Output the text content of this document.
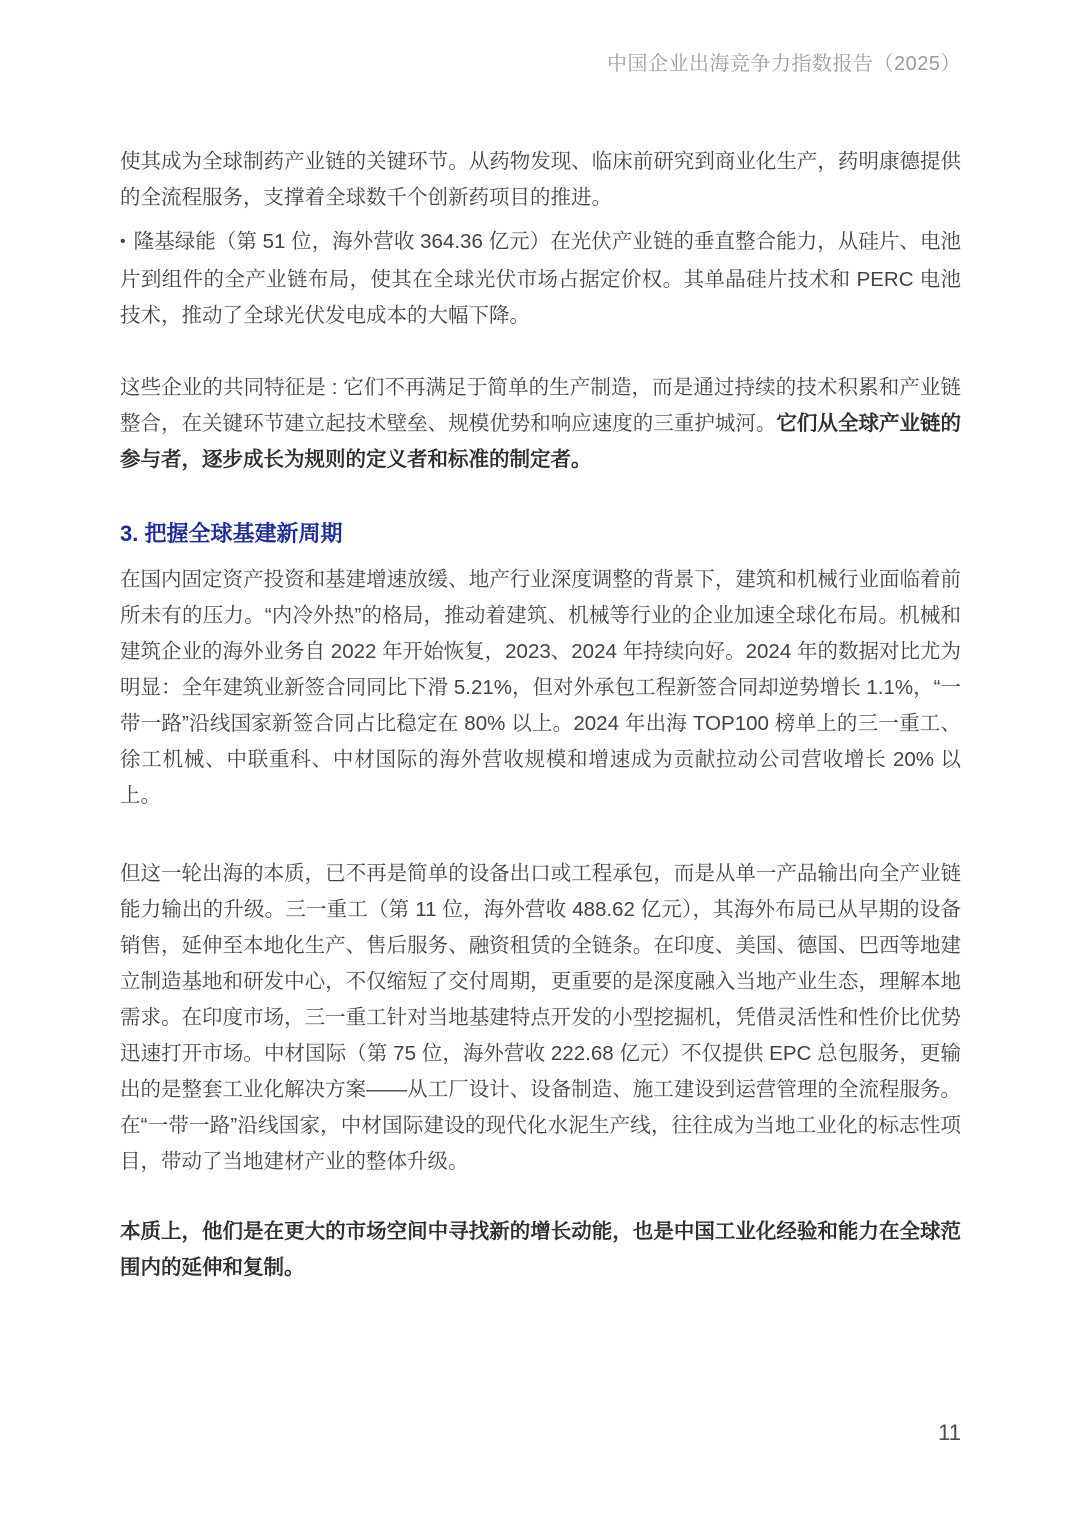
中国企业出海竞争力指数报告（2025）

使其成为全球制药产业链的关键环节。从药物发现、临床前研究到商业化生产，药明康德提供的全流程服务，支撑着全球数千个创新药项目的推进。

• 隆基绿能（第 51 位，海外营收 364.36 亿元）在光伏产业链的垂直整合能力，从硅片、电池片到组件的全产业链布局，使其在全球光伏市场占据定价权。其单晶硅片技术和 PERC 电池技术，推动了全球光伏发电成本的大幅下降。

这些企业的共同特征是 : 它们不再满足于简单的生产制造，而是通过持续的技术积累和产业链整合，在关键环节建立起技术壁垒、规模优势和响应速度的三重护城河。它们从全球产业链的参与者，逐步成长为规则的定义者和标准的制定者。

3. 把握全球基建新周期

在国内固定资产投资和基建增速放缓、地产行业深度调整的背景下，建筑和机械行业面临着前所未有的压力。“内冷外热”的格局，推动着建筑、机械等行业的企业加速全球化布局。机械和建筑企业的海外业务自 2022 年开始恢复，2023、2024 年持续向好。2024 年的数据对比尤为明显：全年建筑业新签合同同比下滑 5.21%，但对外承包工程新签合同却逆势增长 1.1%，“一带一路”沿线国家新签合同占比稳定在 80% 以上。2024 年出海 TOP100 榜单上的三一重工、徐工机械、中联重科、中材国际的海外营收规模和增速成为贡献拉动公司营收增长 20% 以上。

但这一轮出海的本质，已不再是简单的设备出口或工程承包，而是从单一产品输出向全产业链能力输出的升级。三一重工（第 11 位，海外营收 488.62 亿元），其海外布局已从早期的设备销售，延伸至本地化生产、售后服务、融资租赁的全链条。在印度、美国、德国、巴西等地建立制造基地和研发中心，不仅缩短了交付周期，更重要的是深度融入当地产业生态，理解本地需求。在印度市场，三一重工针对当地基建特点开发的小型挖掘机，凭借灵活性和性价比优势迅速打开市场。中材国际（第 75 位，海外营收 222.68 亿元）不仅提供 EPC 总包服务，更输出的是整套工业化解决方案——从工厂设计、设备制造、施工建设到运营管理的全流程服务。在“一带一路”沿线国家，中材国际建设的现代化水泥生产线，往往成为当地工业化的标志性项目，带动了当地建材产业的整体升级。

本质上，他们是在更大的市场空间中寻找新的增长动能，也是中国工业化经验和能力在全球范围内的延伸和复制。

11
